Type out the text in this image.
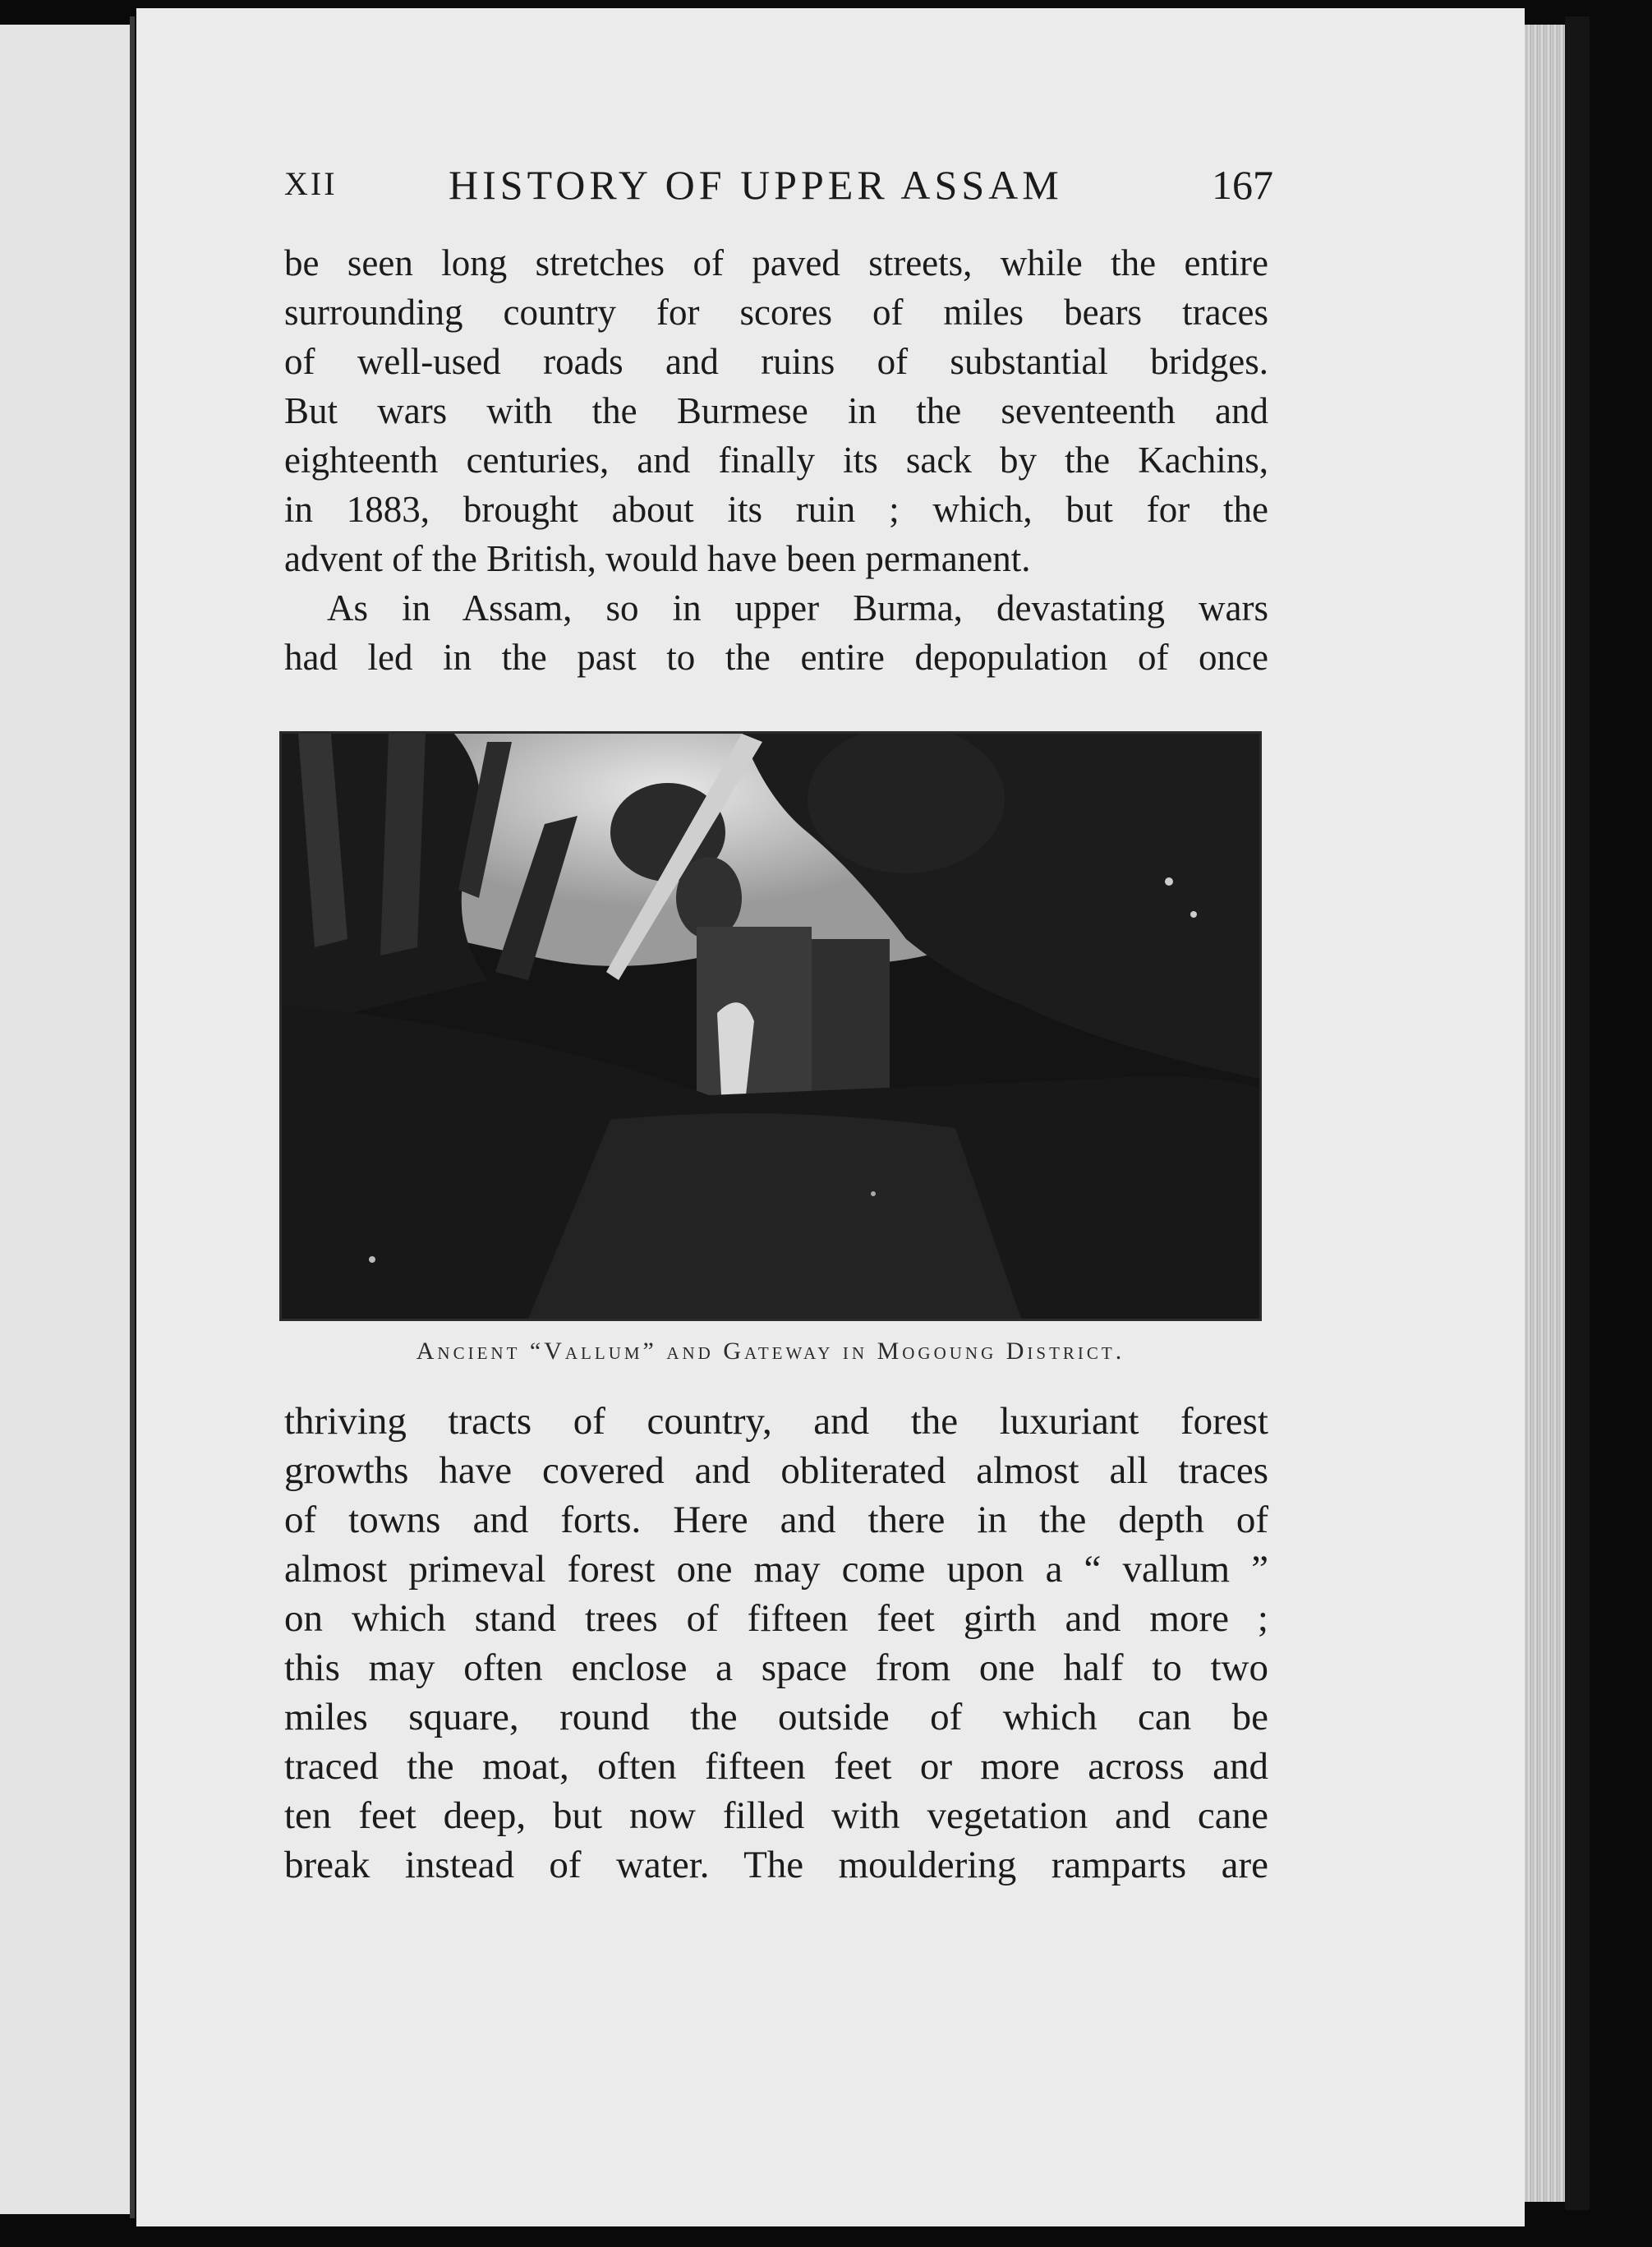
XII	HISTORY OF UPPER ASSAM	167
be seen long stretches of paved streets, while the entire
surrounding country for scores of miles bears traces
of well-used roads and ruins of substantial bridges.
But wars with the Burmese in the seventeenth and
eighteenth centuries, and finally its sack by the Kachins,
in 1883, brought about its ruin ; which, but for the
advent of the British, would have been permanent.
As in Assam, so in upper Burma, devastating wars
had led in the past to the entire depopulation of once
Ancient “Vallum” and Gateway in Mogoung District.
thriving tracts of country, and the luxuriant forest
growths have covered and obliterated almost all traces
of towns and forts. Here and there in the depth of
almost primeval forest one may come upon a “ vallum ”
on which stand trees of fifteen feet girth and more ;
this may often enclose a space from one half to two
miles square, round the outside of which can be
traced the moat, often fifteen feet or more across and
ten feet deep, but now filled with vegetation and cane
break instead of water. The mouldering ramparts are
